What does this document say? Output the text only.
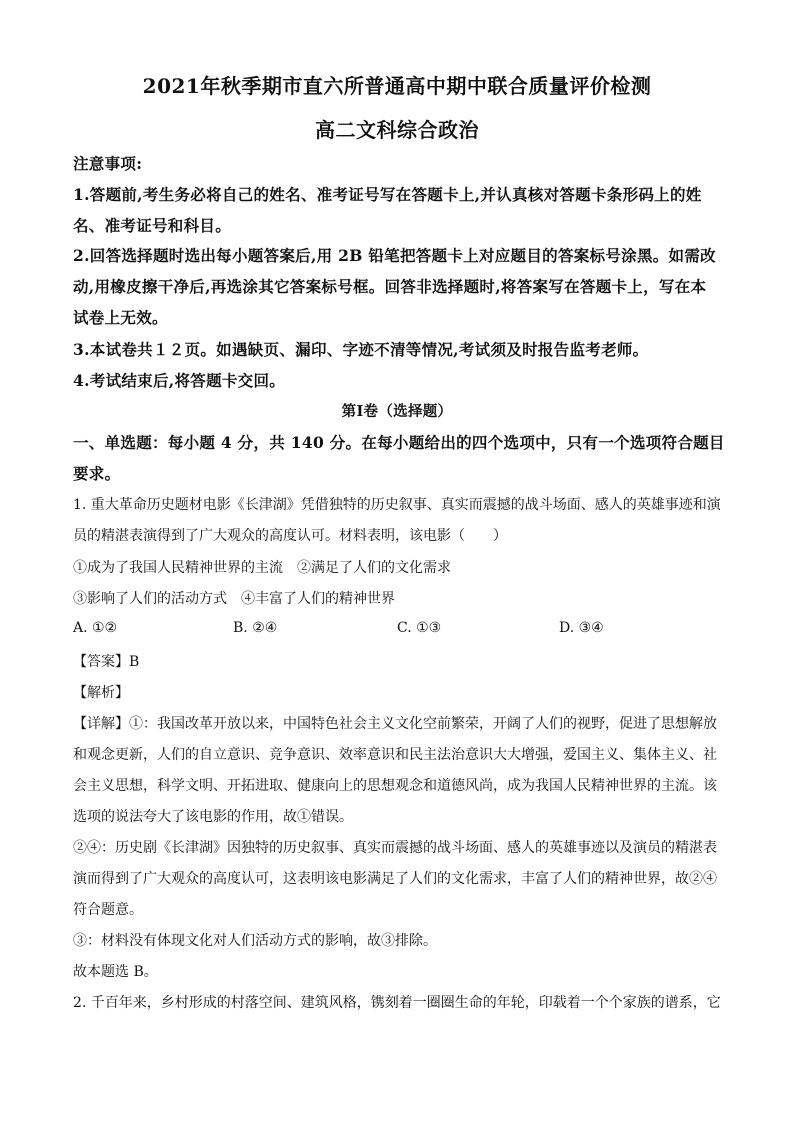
2021年秋季期市直六所普通高中期中联合质量评价检测
高二文科综合政治
注意事项:
1.答题前,考生务必将自己的姓名、准考证号写在答题卡上,并认真核对答题卡条形码上的姓
名、准考证号和科目。
2.回答选择题时选出每小题答案后,用 2B 铅笔把答题卡上对应题目的答案标号涂黑。如需改
动,用橡皮擦干净后,再选涂其它答案标号框。回答非选择题时,将答案写在答题卡上，写在本
试卷上无效。
3.本试卷共１２页。如遇缺页、漏印、字迹不清等情况,考试须及时报告监考老师。
4.考试结束后,将答题卡交回。
第Ⅰ卷（选择题）
一、单选题：每小题 4 分，共 140 分。在每小题给出的四个选项中，只有一个选项符合题目
要求。
1. 重大革命历史题材电影《长津湖》凭借独特的历史叙事、真实而震撼的战斗场面、感人的英雄事迹和演
员的精湛表演得到了广大观众的高度认可。材料表明，该电影（　　）
①成为了我国人民精神世界的主流　②满足了人们的文化需求
③影响了人们的活动方式　④丰富了人们的精神世界
A. ①②	B. ②④	C. ①③	D. ③④
【答案】B
【解析】
【详解】①：我国改革开放以来，中国特色社会主义文化空前繁荣，开阔了人们的视野，促进了思想解放
和观念更新，人们的自立意识、竞争意识、效率意识和民主法治意识大大增强，爱国主义、集体主义、社
会主义思想，科学文明、开拓进取、健康向上的思想观念和道德风尚，成为我国人民精神世界的主流。该
选项的说法夸大了该电影的作用，故①错误。
②④：历史剧《长津湖》因独特的历史叙事、真实而震撼的战斗场面、感人的英雄事迹以及演员的精湛表
演而得到了广大观众的高度认可，这表明该电影满足了人们的文化需求，丰富了人们的精神世界，故②④
符合题意。
③：材料没有体现文化对人们活动方式的影响，故③排除。
故本题选 B。
2. 千百年来，乡村形成的村落空间、建筑风格，镌刻着一圈圈生命的年轮，印载着一个个家族的谱系，它
